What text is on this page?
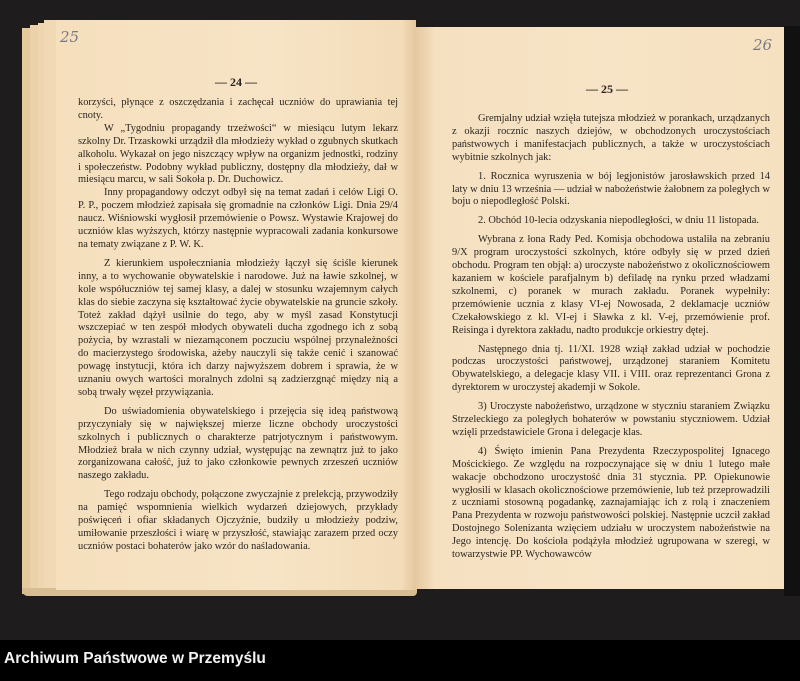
— 24 —

korzyści, płynące z oszczędzania i zachęcał uczniów do uprawiania tej cnoty.

W „Tygodniu propagandy trzeźwości“ w miesiącu lutym lekarz szkolny Dr. Trzaskowki urządził dla młodzieży wykład o zgubnych skutkach alkoholu. Wykazał on jego niszczący wpływ na organizm jednostki, rodziny i społeczeństw. Podobny wykład publiczny, dostępny dla młodzieży, dał w miesiącu marcu, w sali Sokoła p. Dr. Duchowicz.

Inny propagandowy odczyt odbył się na temat zadań i celów Ligi O. P. P., poczem młodzież zapisała się gromadnie na członków Ligi. Dnia 29/4 naucz. Wiśniowski wygłosił przemówienie o Powsz. Wystawie Krajowej do uczniów klas wyższych, którzy następnie wypracowali zadania konkursowe na tematy związane z P. W. K.

Z kierunkiem uspołeczniania młodzieży łączył się ściśle kierunek inny, a to wychowanie obywatelskie i narodowe. Już na ławie szkolnej, w kole współuczniów tej samej klasy, a dalej w stosunku wzajemnym całych klas do siebie zaczyna się kształtować życie obywatelskie na gruncie szkoły. Toteż zakład dążył usilnie do tego, aby w myśl zasad Konstytucji wszczepiać w ten zespół młodych obywateli ducha zgodnego ich z sobą pożycia, by wzrastali w niezamąconem poczuciu wspólnej przynależności do macierzystego środowiska, ażeby nauczyli się także cenić i szanować powagę instytucji, która ich darzy najwyższem dobrem i sprawia, że w uznaniu owych wartości moralnych zdolni są zadzierzgnąć między nią a sobą trwały węzeł przywiązania.

Do uświadomienia obywatelskiego i przejęcia się ideą państwową przyczyniały się w największej mierze liczne obchody uroczystości szkolnych i publicznych o charakterze patrjotycznym i państwowym. Młodzież brała w nich czynny udział, występując na zewnątrz już to jako zorganizowana całość, już to jako członkowie pewnych zrzeszeń uczniów naszego zakładu.

Tego rodzaju obchody, połączone zwyczajnie z prelekcją, przywodziły na pamięć wspomnienia wielkich wydarzeń dziejowych, przykłady poświęceń i ofiar składanych Ojczyźnie, budziły u młodzieży podziw, umiłowanie przeszłości i wiarę w przyszłość, stawiając zarazem przed oczy uczniów postaci bohaterów jako wzór do naśladowania.

25
— 25 —

Gremjalny udział wzięła tutejsza młodzież w porankach, urządzanych z okazji rocznic naszych dziejów, w obchodzonych uroczystościach państwowych i manifestacjach publicznych, a także w uroczystościach wybitnie szkolnych jak:

1. Rocznica wyruszenia w bój legjonistów jarosławskich przed 14 laty w dniu 13 września — udział w nabożeństwie żałobnem za poległych w boju o niepodległość Polski.

2. Obchód 10-lecia odzyskania niepodległości, w dniu 11 listopada.

Wybrana z łona Rady Ped. Komisja obchodowa ustaliła na zebraniu 9/X program uroczystości szkolnych, które odbyły się w przed dzień obchodu. Program ten objął: a) uroczyste nabożeństwo z okolicznościowem kazaniem w kościele parafjalnym b) defiladę na rynku przed władzami szkolnemi, c) poranek w murach zakładu. Poranek wypełniły: przemówienie ucznia z klasy VI-ej Nowosada, 2 deklamacje uczniów Czekałowskiego z kl. VI-ej i Sławka z kl. V-ej, przemówienie prof. Reisinga i dyrektora zakładu, nadto produkcje orkiestry dętej.

Następnego dnia tj. 11/XI. 1928 wziął zakład udział w pochodzie podczas uroczystości państwowej, urządzonej staraniem Komitetu Obywatelskiego, a delegacje klasy VII. i VIII. oraz reprezentanci Grona z dyrektorem w uroczystej akademji w Sokole.

3) Uroczyste nabożeństwo, urządzone w styczniu staraniem Związku Strzeleckiego za poległych bohaterów w powstaniu styczniowem. Udział wzięli przedstawiciele Grona i delegacje klas.

4) Święto imienin Pana Prezydenta Rzeczypospolitej Ignacego Mościckiego. Ze względu na rozpoczynające się w dniu 1 lutego małe wakacje obchodzono uroczystość dnia 31 stycznia. PP. Opiekunowie wygłosili w klasach okolicznościowe przemówienie, lub też przeprowadzili z uczniami stosowną pogadankę, zaznajamiając ich z rolą i znaczeniem Pana Prezydenta w rozwoju państwowości polskiej. Następnie uczcił zakład Dostojnego Solenizanta wzięciem udziału w uroczystem nabożeństwie na Jego intencję. Do kościoła podążyła młodzież ugrupowana w szeregi, w towarzystwie PP. Wychowawców

26
Archiwum Państwowe w Przemyślu
